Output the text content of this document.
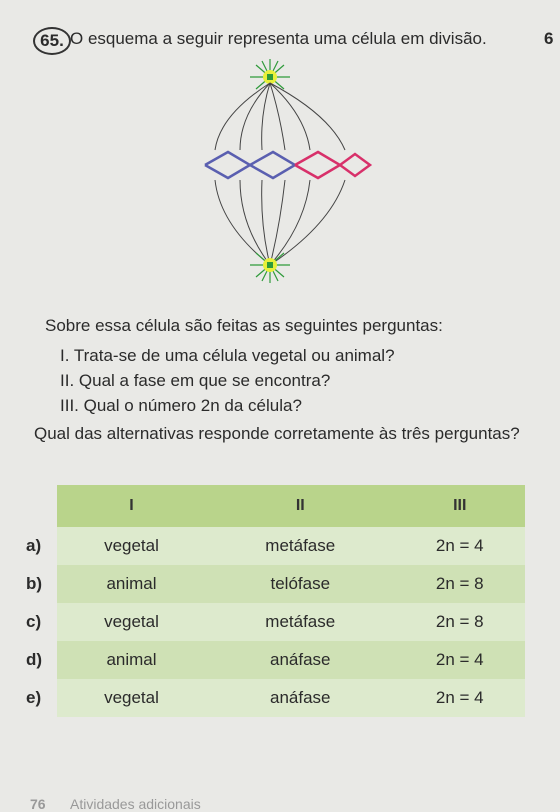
65. O esquema a seguir representa uma célula em divisão.	6
Sobre essa célula são feitas as seguintes perguntas:
I. Trata-se de uma célula vegetal ou animal?
II. Qual a fase em que se encontra?
III. Qual o número 2n da célula?
Qual das alternativas responde corretamente às três perguntas?
	I	II	III
a)	vegetal	metáfase	2n = 4
b)	animal	telófase	2n = 8
c)	vegetal	metáfase	2n = 8
d)	animal	anáfase	2n = 4
e)	vegetal	anáfase	2n = 4
76 Atividades adicionais
